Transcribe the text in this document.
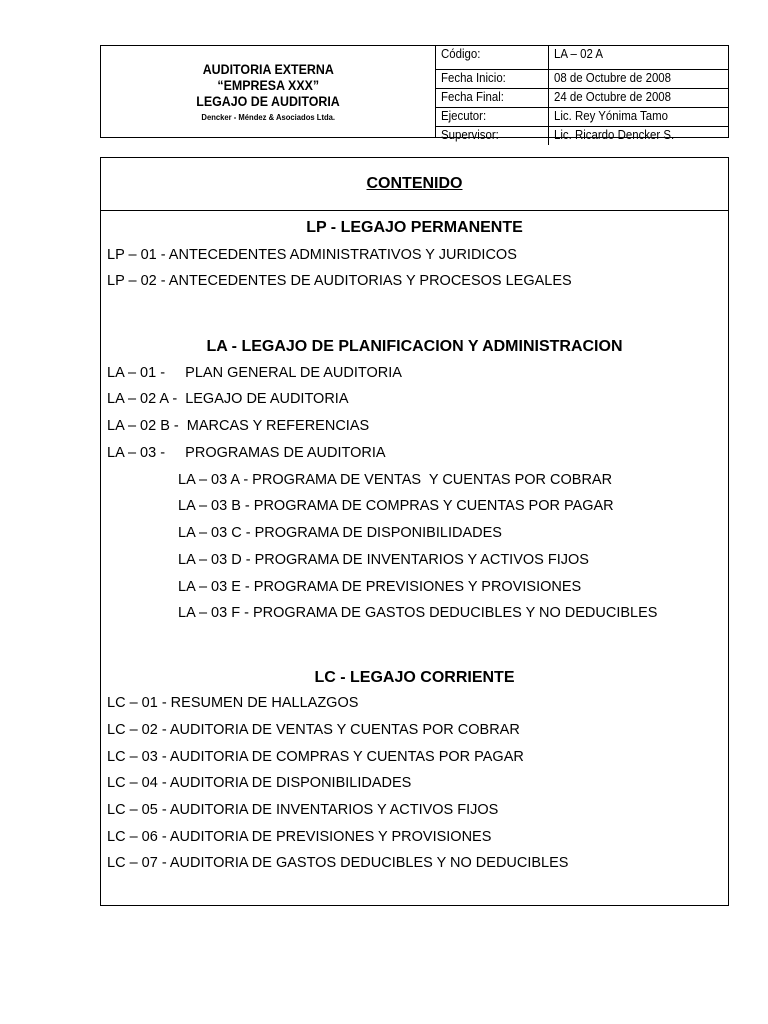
AUDITORIA EXTERNA
“EMPRESA XXX”
LEGAJO DE AUDITORIA
Dencker - Méndez & Asociados Ltda.
Código:	LA – 02 A
Fecha Inicio:	08 de Octubre de 2008
Fecha Final:	24 de Octubre de 2008
Ejecutor:	Lic. Rey Yónima Tamo
Supervisor:	Lic. Ricardo Dencker S.
CONTENIDO
LP - LEGAJO PERMANENTE
LP – 01 - ANTECEDENTES ADMINISTRATIVOS Y JURIDICOS
LP – 02 - ANTECEDENTES DE AUDITORIAS Y PROCESOS LEGALES
LA - LEGAJO DE PLANIFICACION Y ADMINISTRACION
LA – 01 -     PLAN GENERAL DE AUDITORIA
LA – 02 A -  LEGAJO DE AUDITORIA
LA – 02 B -  MARCAS Y REFERENCIAS
LA – 03 -     PROGRAMAS DE AUDITORIA
LA – 03 A - PROGRAMA DE VENTAS  Y CUENTAS POR COBRAR
LA – 03 B - PROGRAMA DE COMPRAS Y CUENTAS POR PAGAR
LA – 03 C - PROGRAMA DE DISPONIBILIDADES
LA – 03 D - PROGRAMA DE INVENTARIOS Y ACTIVOS FIJOS
LA – 03 E - PROGRAMA DE PREVISIONES Y PROVISIONES
LA – 03 F - PROGRAMA DE GASTOS DEDUCIBLES Y NO DEDUCIBLES
LC - LEGAJO CORRIENTE
LC – 01 - RESUMEN DE HALLAZGOS
LC – 02 - AUDITORIA DE VENTAS Y CUENTAS POR COBRAR
LC – 03 - AUDITORIA DE COMPRAS Y CUENTAS POR PAGAR
LC – 04 - AUDITORIA DE DISPONIBILIDADES
LC – 05 - AUDITORIA DE INVENTARIOS Y ACTIVOS FIJOS
LC – 06 - AUDITORIA DE PREVISIONES Y PROVISIONES
LC – 07 - AUDITORIA DE GASTOS DEDUCIBLES Y NO DEDUCIBLES
